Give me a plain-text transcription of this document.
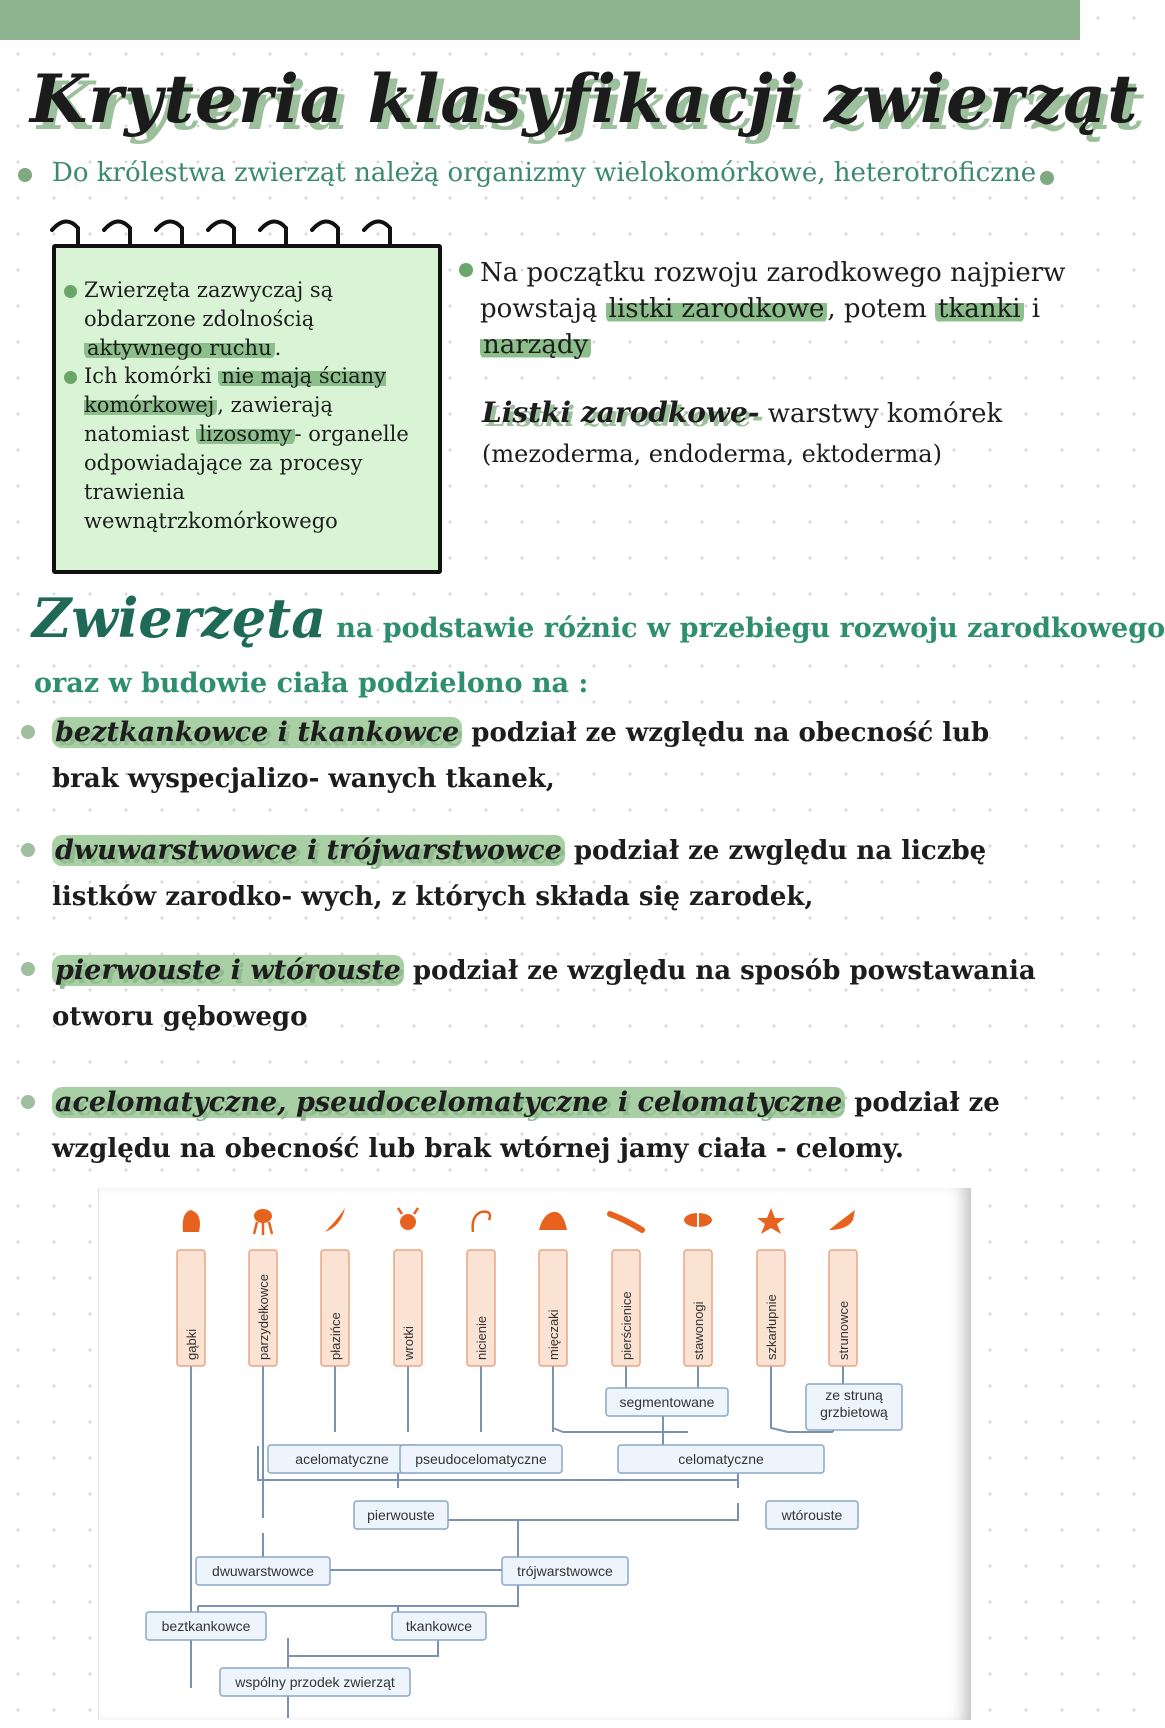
Kryteria klasyfikacji zwierząt
Do królestwa zwierząt należą organizmy wielokomórkowe, heterotroficzne
Zwierzęta zazwyczaj są obdarzone zdolnością aktywnego ruchu .
Ich komórki nie mają ściany komórkowej , zawierają natomiast lizosomy - organelle odpowiadające za procesy trawienia wewnątrzkomórkowego
Na początku rozwoju zarodkowego najpierw powstają listki zarodkowe , potem tkanki i narządy
Listki zarodkowe- warstwy komórek
(mezoderma, endoderma, ektoderma)
Zwierzęta na podstawie różnic w przebiegu rozwoju zarodkowego
oraz w budowie ciała podzielono na :
beztkankowce i tkankowce podział ze względu na obecność lub brak wyspecjalizo- wanych tkanek,
dwuwarstwowce i trójwarstwowce podział ze zwględu na liczbę listków zarodko- wych, z których składa się zarodek,
pierwouste i wtórouste podział ze względu na sposób powstawania otworu gębowego
acelomatyczne, pseudocelomatyczne i celomatyczne podział ze względu na obecność lub brak wtórnej jamy ciała - celomy.
gąbki	parzydełkowce	płazińce	wrotki	nicienie	mięczaki	pierścienice	stawonogi	szkarłupnie	strunowce
segmentowane	ze struną
grzbietową
acelomatyczne pseudocelomatyczne	celomatyczne
pierwouste	wtórouste
dwuwarstwowce	trójwarstwowce
beztkankowce	tkankowce
wspólny przodek zwierząt
